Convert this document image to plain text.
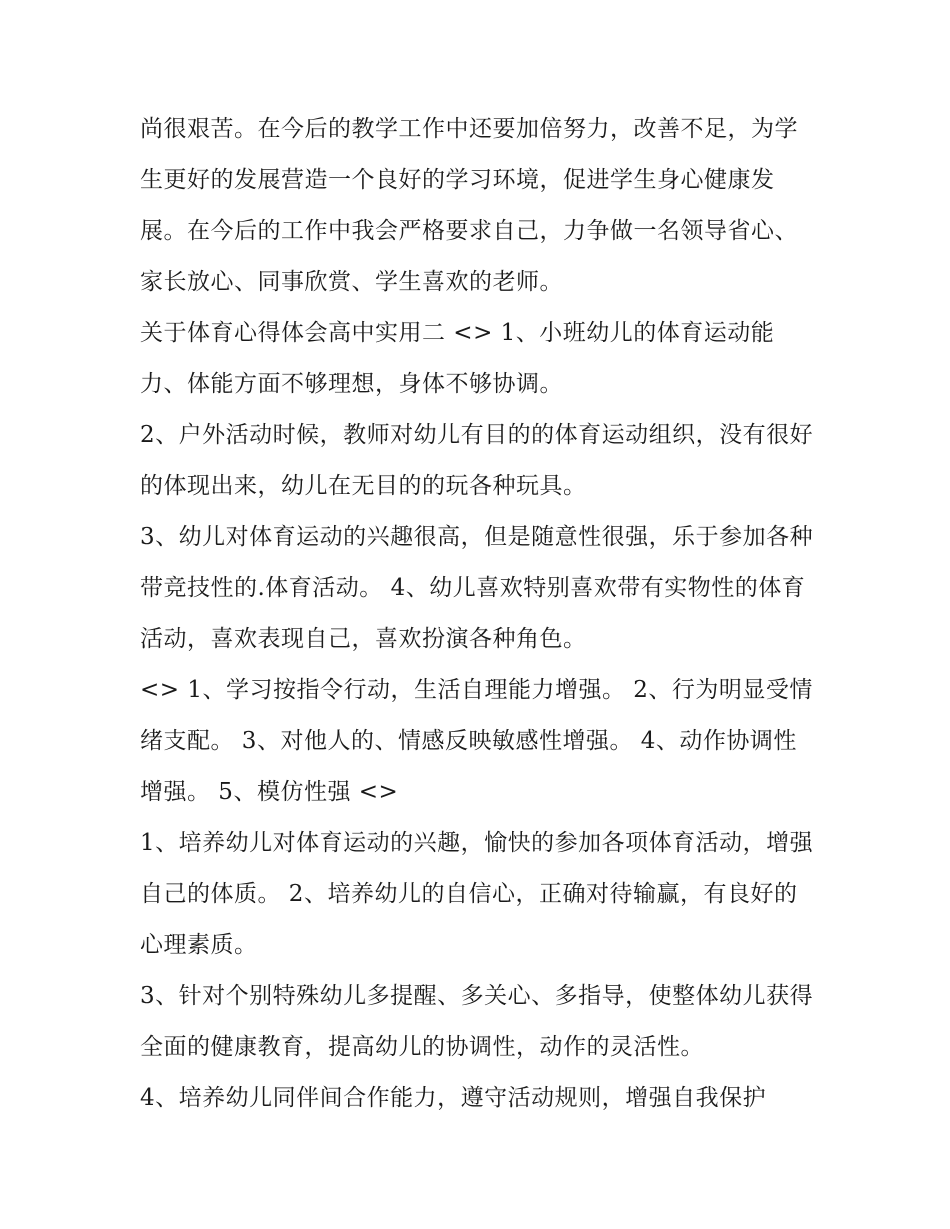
尚很艰苦。在今后的教学工作中还要加倍努力，改善不足，为学生更好的发展营造一个良好的学习环境，促进学生身心健康发展。在今后的工作中我会严格要求自己，力争做一名领导省心、家长放心、同事欣赏、学生喜欢的老师。

关于体育心得体会高中实用二 <> 1、小班幼儿的体育运动能力、体能方面不够理想，身体不够协调。

2、户外活动时候，教师对幼儿有目的的体育运动组织，没有很好的体现出来，幼儿在无目的的玩各种玩具。

3、幼儿对体育运动的兴趣很高，但是随意性很强，乐于参加各种带竞技性的.体育活动。 4、幼儿喜欢特别喜欢带有实物性的体育活动，喜欢表现自己，喜欢扮演各种角色。

<> 1、学习按指令行动，生活自理能力增强。 2、行为明显受情绪支配。 3、对他人的、情感反映敏感性增强。 4、动作协调性增强。 5、模仿性强 <>

1、培养幼儿对体育运动的兴趣，愉快的参加各项体育活动，增强自己的体质。 2、培养幼儿的自信心，正确对待输赢，有良好的心理素质。

3、针对个别特殊幼儿多提醒、多关心、多指导，使整体幼儿获得全面的健康教育，提高幼儿的协调性，动作的灵活性。

4、培养幼儿同伴间合作能力，遵守活动规则，增强自我保护
